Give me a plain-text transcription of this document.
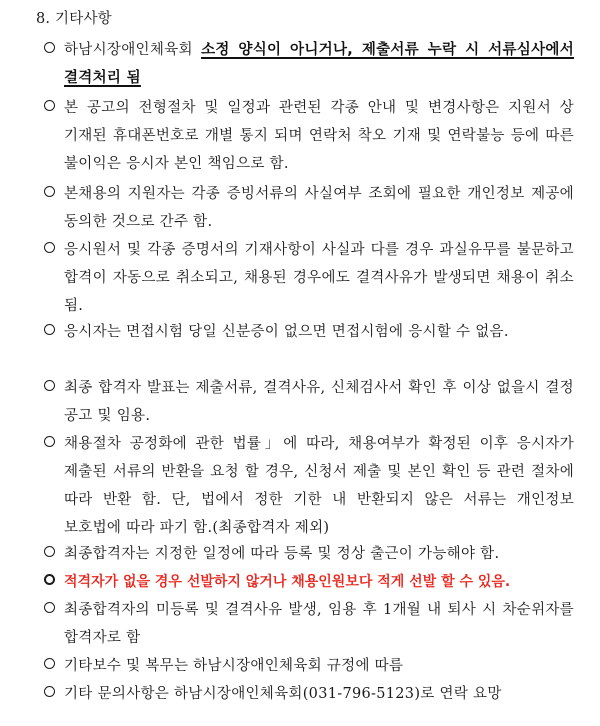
8. 기타사항
하남시장애인체육회 소정 양식이 아니거나, 제출서류 누락 시 서류심사에서 결격처리 됨
본 공고의 전형절차 및 일정과 관련된 각종 안내 및 변경사항은 지원서 상 기재된 휴대폰번호로 개별 통지 되며 연락처 착오 기재 및 연락불능 등에 따른 불이익은 응시자 본인 책임으로 함.
본채용의 지원자는 각종 증빙서류의 사실여부 조회에 필요한 개인정보 제공에 동의한 것으로 간주 함.
응시원서 및 각종 증명서의 기재사항이 사실과 다를 경우 과실유무를 불문하고 합격이 자동으로 취소되고, 채용된 경우에도 결격사유가 발생되면 채용이 취소 됨.
응시자는 면접시험 당일 신분증이 없으면 면접시험에 응시할 수 없음.
최종 합격자 발표는 제출서류, 결격사유, 신체검사서 확인 후 이상 없을시 결정 공고 및 임용.
채용절차 공정화에 관한 법률」에 따라, 채용여부가 확정된 이후 응시자가 제출된 서류의 반환을 요청 할 경우, 신청서 제출 및 본인 확인 등 관련 절차에 따라 반환 함. 단, 법에서 정한 기한 내 반환되지 않은 서류는 개인정보 보호법에 따라 파기 함.(최종합격자 제외)
최종합격자는 지정한 일정에 따라 등록 및 정상 출근이 가능해야 함.
적격자가 없을 경우 선발하지 않거나 채용인원보다 적게 선발 할 수 있음.
최종합격자의 미등록 및 결격사유 발생, 임용 후 1개월 내 퇴사 시 차순위자를 합격자로 함
기타보수 및 복무는 하남시장애인체육회 규정에 따름
기타 문의사항은 하남시장애인체육회(031-796-5123)로 연락 요망
